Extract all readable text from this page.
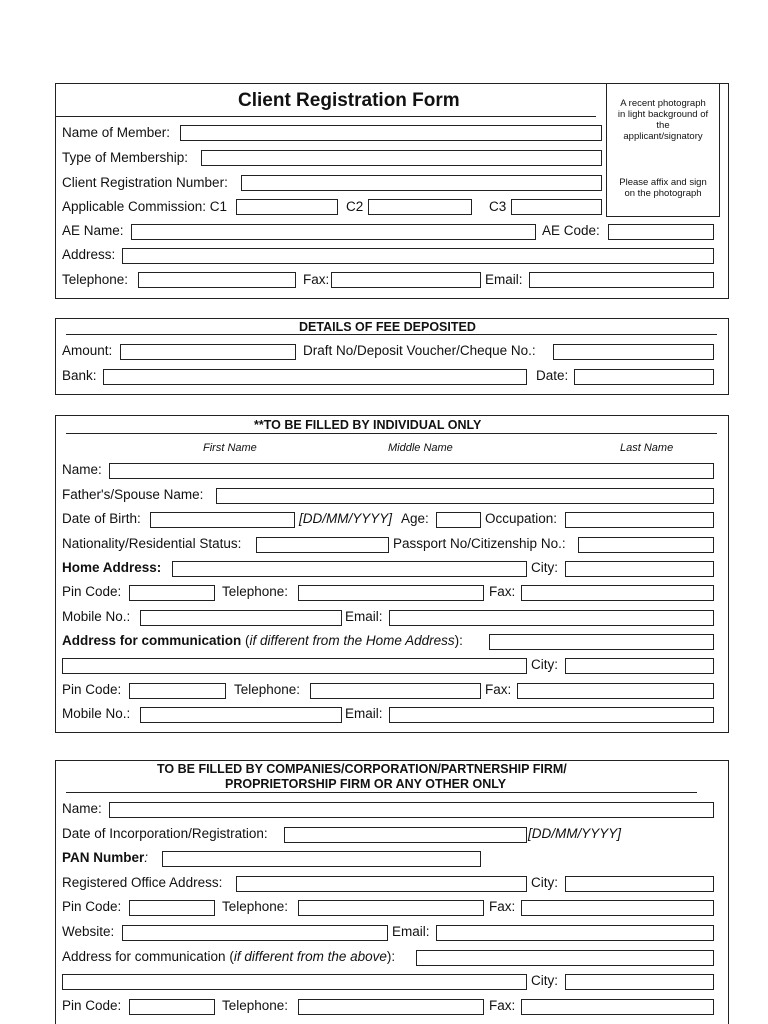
Client Registration Form	A recent photograph
in light background of
the
applicant/signatory
Please affix and sign
on the photograph
Name of Member:
Type of Membership:
Client Registration Number:
Applicable Commission: C1	C2	C3
AE Name:	AE Code:
Address:
Telephone:	Fax:	Email:
DETAILS OF FEE DEPOSITED
Amount:	Draft No/Deposit Voucher/Cheque No.:
Bank:	Date:
**TO BE FILLED BY INDIVIDUAL ONLY
First Name	Middle Name	Last Name
Name:
Father's/Spouse Name:
Date of Birth:	[DD/MM/YYYY] Age:	Occupation:
Nationality/Residential Status:	Passport No/Citizenship No.:
Home Address:	City:
Pin Code:	Telephone:	Fax:
Mobile No.:	Email:
Address for communication (if different from the Home Address):
City:
Pin Code:	Telephone:	Fax:
Mobile No.:	Email:
TO BE FILLED BY COMPANIES/CORPORATION/PARTNERSHIP FIRM/
PROPRIETORSHIP FIRM OR ANY OTHER ONLY
Name:
Date of Incorporation/Registration:	[DD/MM/YYYY]
PAN Number:
Registered Office Address:	City:
Pin Code:	Telephone:	Fax:
Website:	Email:
Address for communication (if different from the above):
City:
Pin Code:	Telephone:	Fax:
